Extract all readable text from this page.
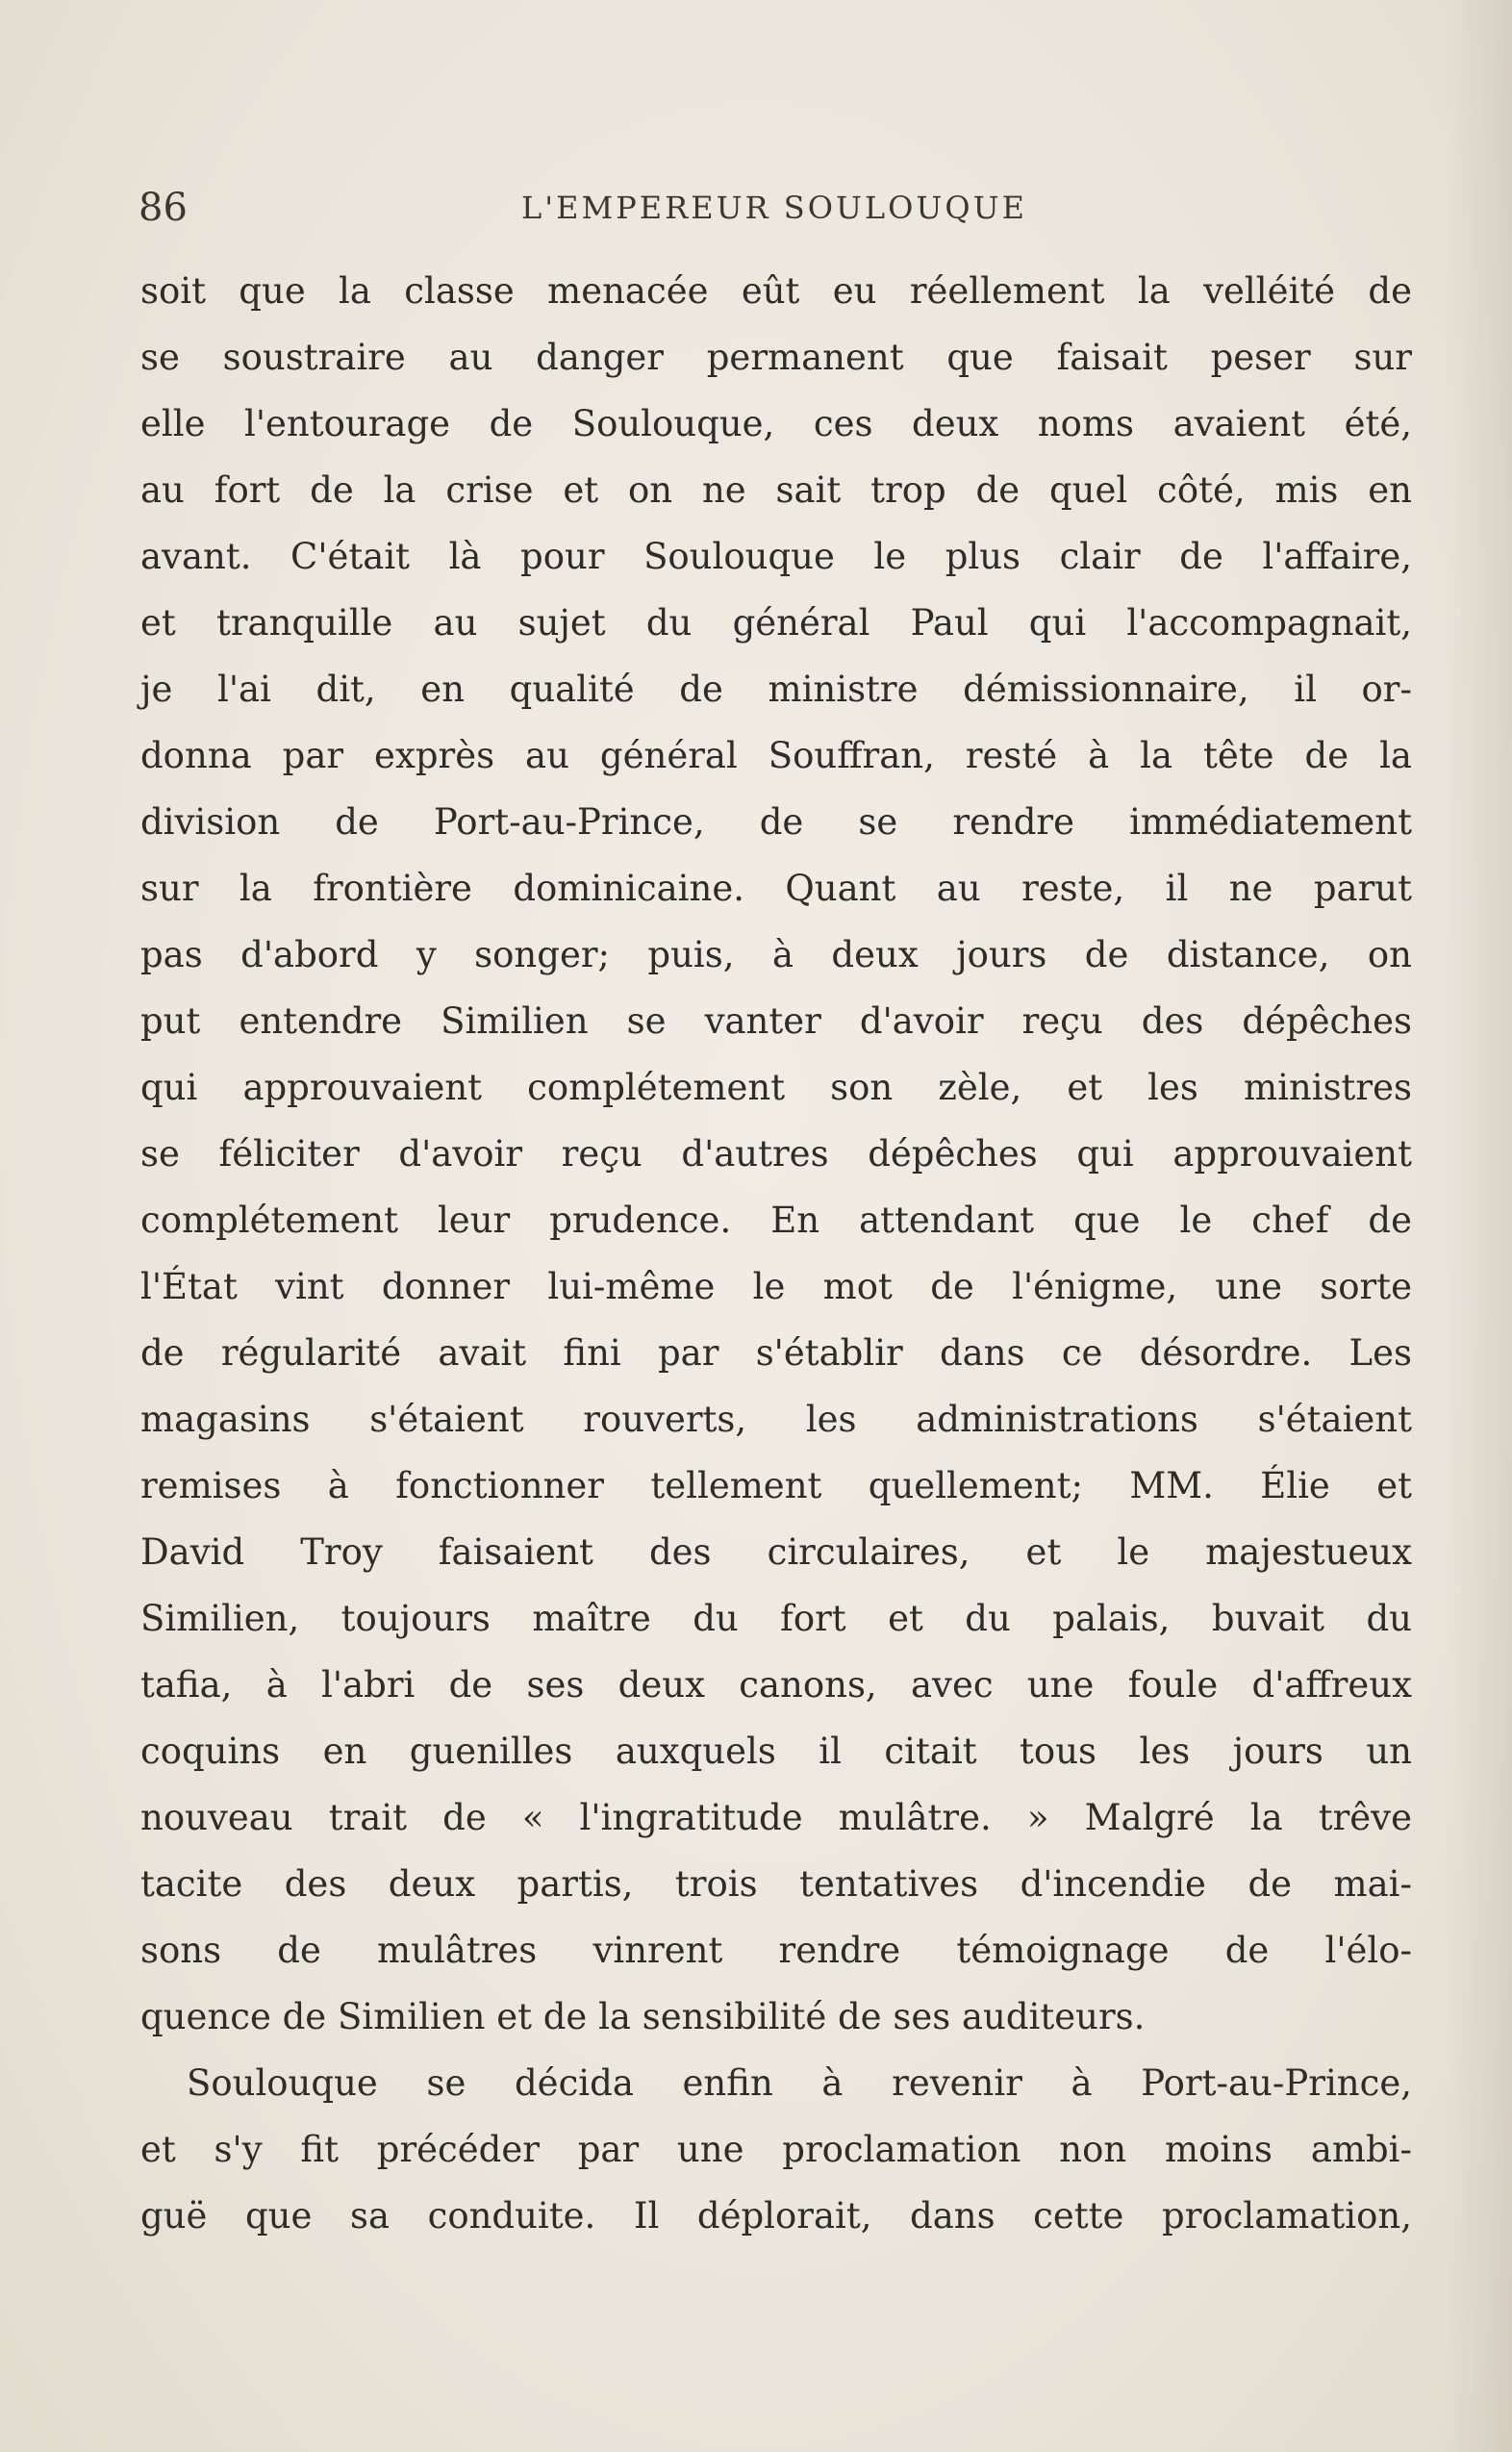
86	L'EMPEREUR SOULOUQUE
soit que la classe menacée eût eu réellement la velléité de
se soustraire au danger permanent que faisait peser sur
elle l'entourage de Soulouque, ces deux noms avaient été,
au fort de la crise et on ne sait trop de quel côté, mis en
avant. C'était là pour Soulouque le plus clair de l'affaire,
et tranquille au sujet du général Paul qui l'accompagnait,
je l'ai dit, en qualité de ministre démissionnaire, il or-
donna par exprès au général Souffran, resté à la tête de la
division de Port-au-Prince, de se rendre immédiatement
sur la frontière dominicaine. Quant au reste, il ne parut
pas d'abord y songer; puis, à deux jours de distance, on
put entendre Similien se vanter d'avoir reçu des dépêches
qui approuvaient complétement son zèle, et les ministres
se féliciter d'avoir reçu d'autres dépêches qui approuvaient
complétement leur prudence. En attendant que le chef de
l'État vint donner lui-même le mot de l'énigme, une sorte
de régularité avait fini par s'établir dans ce désordre. Les
magasins s'étaient rouverts, les administrations s'étaient
remises à fonctionner tellement quellement; MM. Élie et
David Troy faisaient des circulaires, et le majestueux
Similien, toujours maître du fort et du palais, buvait du
tafia, à l'abri de ses deux canons, avec une foule d'affreux
coquins en guenilles auxquels il citait tous les jours un
nouveau trait de « l'ingratitude mulâtre. » Malgré la trêve
tacite des deux partis, trois tentatives d'incendie de mai-
sons de mulâtres vinrent rendre témoignage de l'élo-
quence de Similien et de la sensibilité de ses auditeurs.
Soulouque se décida enfin à revenir à Port-au-Prince,
et s'y fit précéder par une proclamation non moins ambi-
guë que sa conduite. Il déplorait, dans cette proclamation,
